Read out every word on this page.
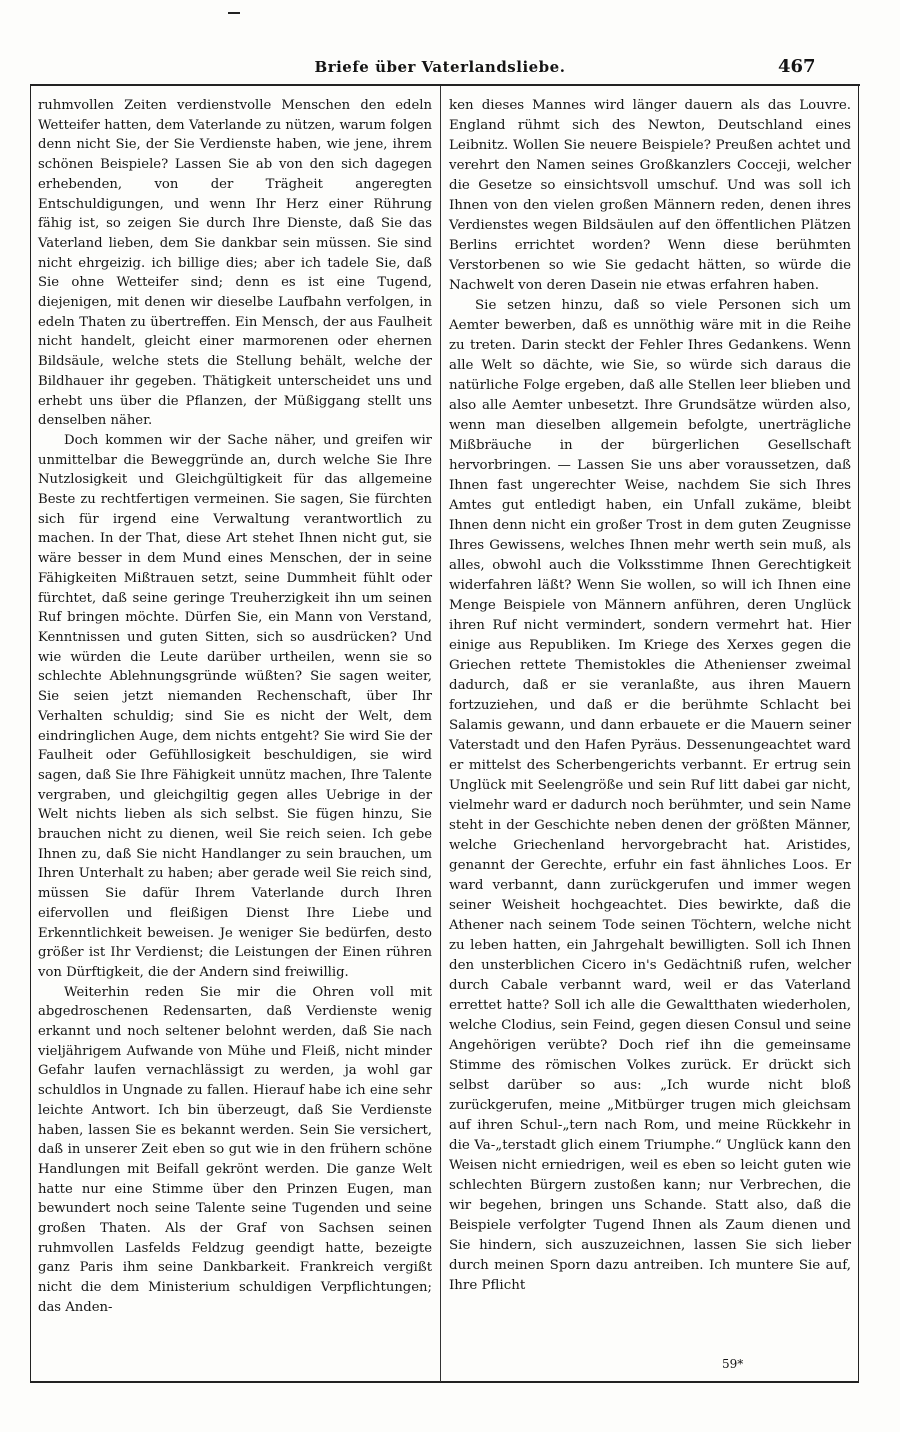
Briefe über Vaterlandsliebe.	467

ruhmvollen Zeiten verdienstvolle Menschen den edeln Wetteifer hatten, dem Vaterlande zu nützen, warum folgen denn nicht Sie, der Sie Verdienste haben, wie jene, ihrem schönen Beispiele? Lassen Sie ab von den sich dagegen erhebenden, von der Trägheit angeregten Entschuldigungen, und wenn Ihr Herz einer Rührung fähig ist, so zeigen Sie durch Ihre Dienste, daß Sie das Vaterland lieben, dem Sie dankbar sein müssen. Sie sind nicht ehrgeizig. ich billige dies; aber ich tadele Sie, daß Sie ohne Wetteifer sind; denn es ist eine Tugend, diejenigen, mit denen wir dieselbe Laufbahn verfolgen, in edeln Thaten zu übertreffen. Ein Mensch, der aus Faulheit nicht handelt, gleicht einer marmorenen oder ehernen Bildsäule, welche stets die Stellung behält, welche der Bildhauer ihr gegeben. Thätigkeit unterscheidet uns und erhebt uns über die Pflanzen, der Müßiggang stellt uns denselben näher.

Doch kommen wir der Sache näher, und greifen wir unmittelbar die Beweggründe an, durch welche Sie Ihre Nutzlosigkeit und Gleichgültigkeit für das allgemeine Beste zu rechtfertigen vermeinen. Sie sagen, Sie fürchten sich für irgend eine Verwaltung verantwortlich zu machen. In der That, diese Art stehet Ihnen nicht gut, sie wäre besser in dem Mund eines Menschen, der in seine Fähigkeiten Mißtrauen setzt, seine Dummheit fühlt oder fürchtet, daß seine geringe Treuherzigkeit ihn um seinen Ruf bringen möchte. Dürfen Sie, ein Mann von Verstand, Kenntnissen und guten Sitten, sich so ausdrücken? Und wie würden die Leute darüber urtheilen, wenn sie so schlechte Ablehnungsgründe wüßten? Sie sagen weiter, Sie seien jetzt niemanden Rechenschaft, über Ihr Verhalten schuldig; sind Sie es nicht der Welt, dem eindringlichen Auge, dem nichts entgeht? Sie wird Sie der Faulheit oder Gefühllosigkeit beschuldigen, sie wird sagen, daß Sie Ihre Fähigkeit unnütz machen, Ihre Talente vergraben, und gleichgiltig gegen alles Uebrige in der Welt nichts lieben als sich selbst. Sie fügen hinzu, Sie brauchen nicht zu dienen, weil Sie reich seien. Ich gebe Ihnen zu, daß Sie nicht Handlanger zu sein brauchen, um Ihren Unterhalt zu haben; aber gerade weil Sie reich sind, müssen Sie dafür Ihrem Vaterlande durch Ihren eifervollen und fleißigen Dienst Ihre Liebe und Erkenntlichkeit beweisen. Je weniger Sie bedürfen, desto größer ist Ihr Verdienst; die Leistungen der Einen rühren von Dürftigkeit, die der Andern sind freiwillig.

Weiterhin reden Sie mir die Ohren voll mit abgedroschenen Redensarten, daß Verdienste wenig erkannt und noch seltener belohnt werden, daß Sie nach vieljährigem Aufwande von Mühe und Fleiß, nicht minder Gefahr laufen vernachlässigt zu werden, ja wohl gar schuldlos in Ungnade zu fallen. Hierauf habe ich eine sehr leichte Antwort. Ich bin überzeugt, daß Sie Verdienste haben, lassen Sie es bekannt werden. Sein Sie versichert, daß in unserer Zeit eben so gut wie in den frühern schöne Handlungen mit Beifall gekrönt werden. Die ganze Welt hatte nur eine Stimme über den Prinzen Eugen, man bewundert noch seine Talente seine Tugenden und seine großen Thaten. Als der Graf von Sachsen seinen ruhmvollen Lasfelds Feldzug geendigt hatte, bezeigte ganz Paris ihm seine Dankbarkeit. Frankreich vergißt nicht die dem Ministerium schuldigen Verpflichtungen; das Anden-

ken dieses Mannes wird länger dauern als das Louvre. England rühmt sich des Newton, Deutschland eines Leibnitz. Wollen Sie neuere Beispiele? Preußen achtet und verehrt den Namen seines Großkanzlers Cocceji, welcher die Gesetze so einsichtsvoll umschuf. Und was soll ich Ihnen von den vielen großen Männern reden, denen ihres Verdienstes wegen Bildsäulen auf den öffentlichen Plätzen Berlins errichtet worden? Wenn diese berühmten Verstorbenen so wie Sie gedacht hätten, so würde die Nachwelt von deren Dasein nie etwas erfahren haben.

Sie setzen hinzu, daß so viele Personen sich um Aemter bewerben, daß es unnöthig wäre mit in die Reihe zu treten. Darin steckt der Fehler Ihres Gedankens. Wenn alle Welt so dächte, wie Sie, so würde sich daraus die natürliche Folge ergeben, daß alle Stellen leer blieben und also alle Aemter unbesetzt. Ihre Grundsätze würden also, wenn man dieselben allgemein befolgte, unerträgliche Mißbräuche in der bürgerlichen Gesellschaft hervorbringen. — Lassen Sie uns aber voraussetzen, daß Ihnen fast ungerechter Weise, nachdem Sie sich Ihres Amtes gut entledigt haben, ein Unfall zukäme, bleibt Ihnen denn nicht ein großer Trost in dem guten Zeugnisse Ihres Gewissens, welches Ihnen mehr werth sein muß, als alles, obwohl auch die Volksstimme Ihnen Gerechtigkeit widerfahren läßt? Wenn Sie wollen, so will ich Ihnen eine Menge Beispiele von Männern anführen, deren Unglück ihren Ruf nicht vermindert, sondern vermehrt hat. Hier einige aus Republiken. Im Kriege des Xerxes gegen die Griechen rettete Themistokles die Athenienser zweimal dadurch, daß er sie veranlaßte, aus ihren Mauern fortzuziehen, und daß er die berühmte Schlacht bei Salamis gewann, und dann erbauete er die Mauern seiner Vaterstadt und den Hafen Pyräus. Dessenungeachtet ward er mittelst des Scherbengerichts verbannt. Er ertrug sein Unglück mit Seelengröße und sein Ruf litt dabei gar nicht, vielmehr ward er dadurch noch berühmter, und sein Name steht in der Geschichte neben denen der größten Männer, welche Griechenland hervorgebracht hat. Aristides, genannt der Gerechte, erfuhr ein fast ähnliches Loos. Er ward verbannt, dann zurückgerufen und immer wegen seiner Weisheit hochgeachtet. Dies bewirkte, daß die Athener nach seinem Tode seinen Töchtern, welche nicht zu leben hatten, ein Jahrgehalt bewilligten. Soll ich Ihnen den unsterblichen Cicero in's Gedächtniß rufen, welcher durch Cabale verbannt ward, weil er das Vaterland errettet hatte? Soll ich alle die Gewaltthaten wiederholen, welche Clodius, sein Feind, gegen diesen Consul und seine Angehörigen verübte? Doch rief ihn die gemeinsame Stimme des römischen Volkes zurück. Er drückt sich selbst darüber so aus: „Ich wurde nicht bloß zurückgerufen, meine „Mitbürger trugen mich gleichsam auf ihren Schul-„tern nach Rom, und meine Rückkehr in die Va-„terstadt glich einem Triumphe.“ Unglück kann den Weisen nicht erniedrigen, weil es eben so leicht guten wie schlechten Bürgern zustoßen kann; nur Verbrechen, die wir begehen, bringen uns Schande. Statt also, daß die Beispiele verfolgter Tugend Ihnen als Zaum dienen und Sie hindern, sich auszuzeichnen, lassen Sie sich lieber durch meinen Sporn dazu antreiben. Ich muntere Sie auf, Ihre Pflicht

59*
